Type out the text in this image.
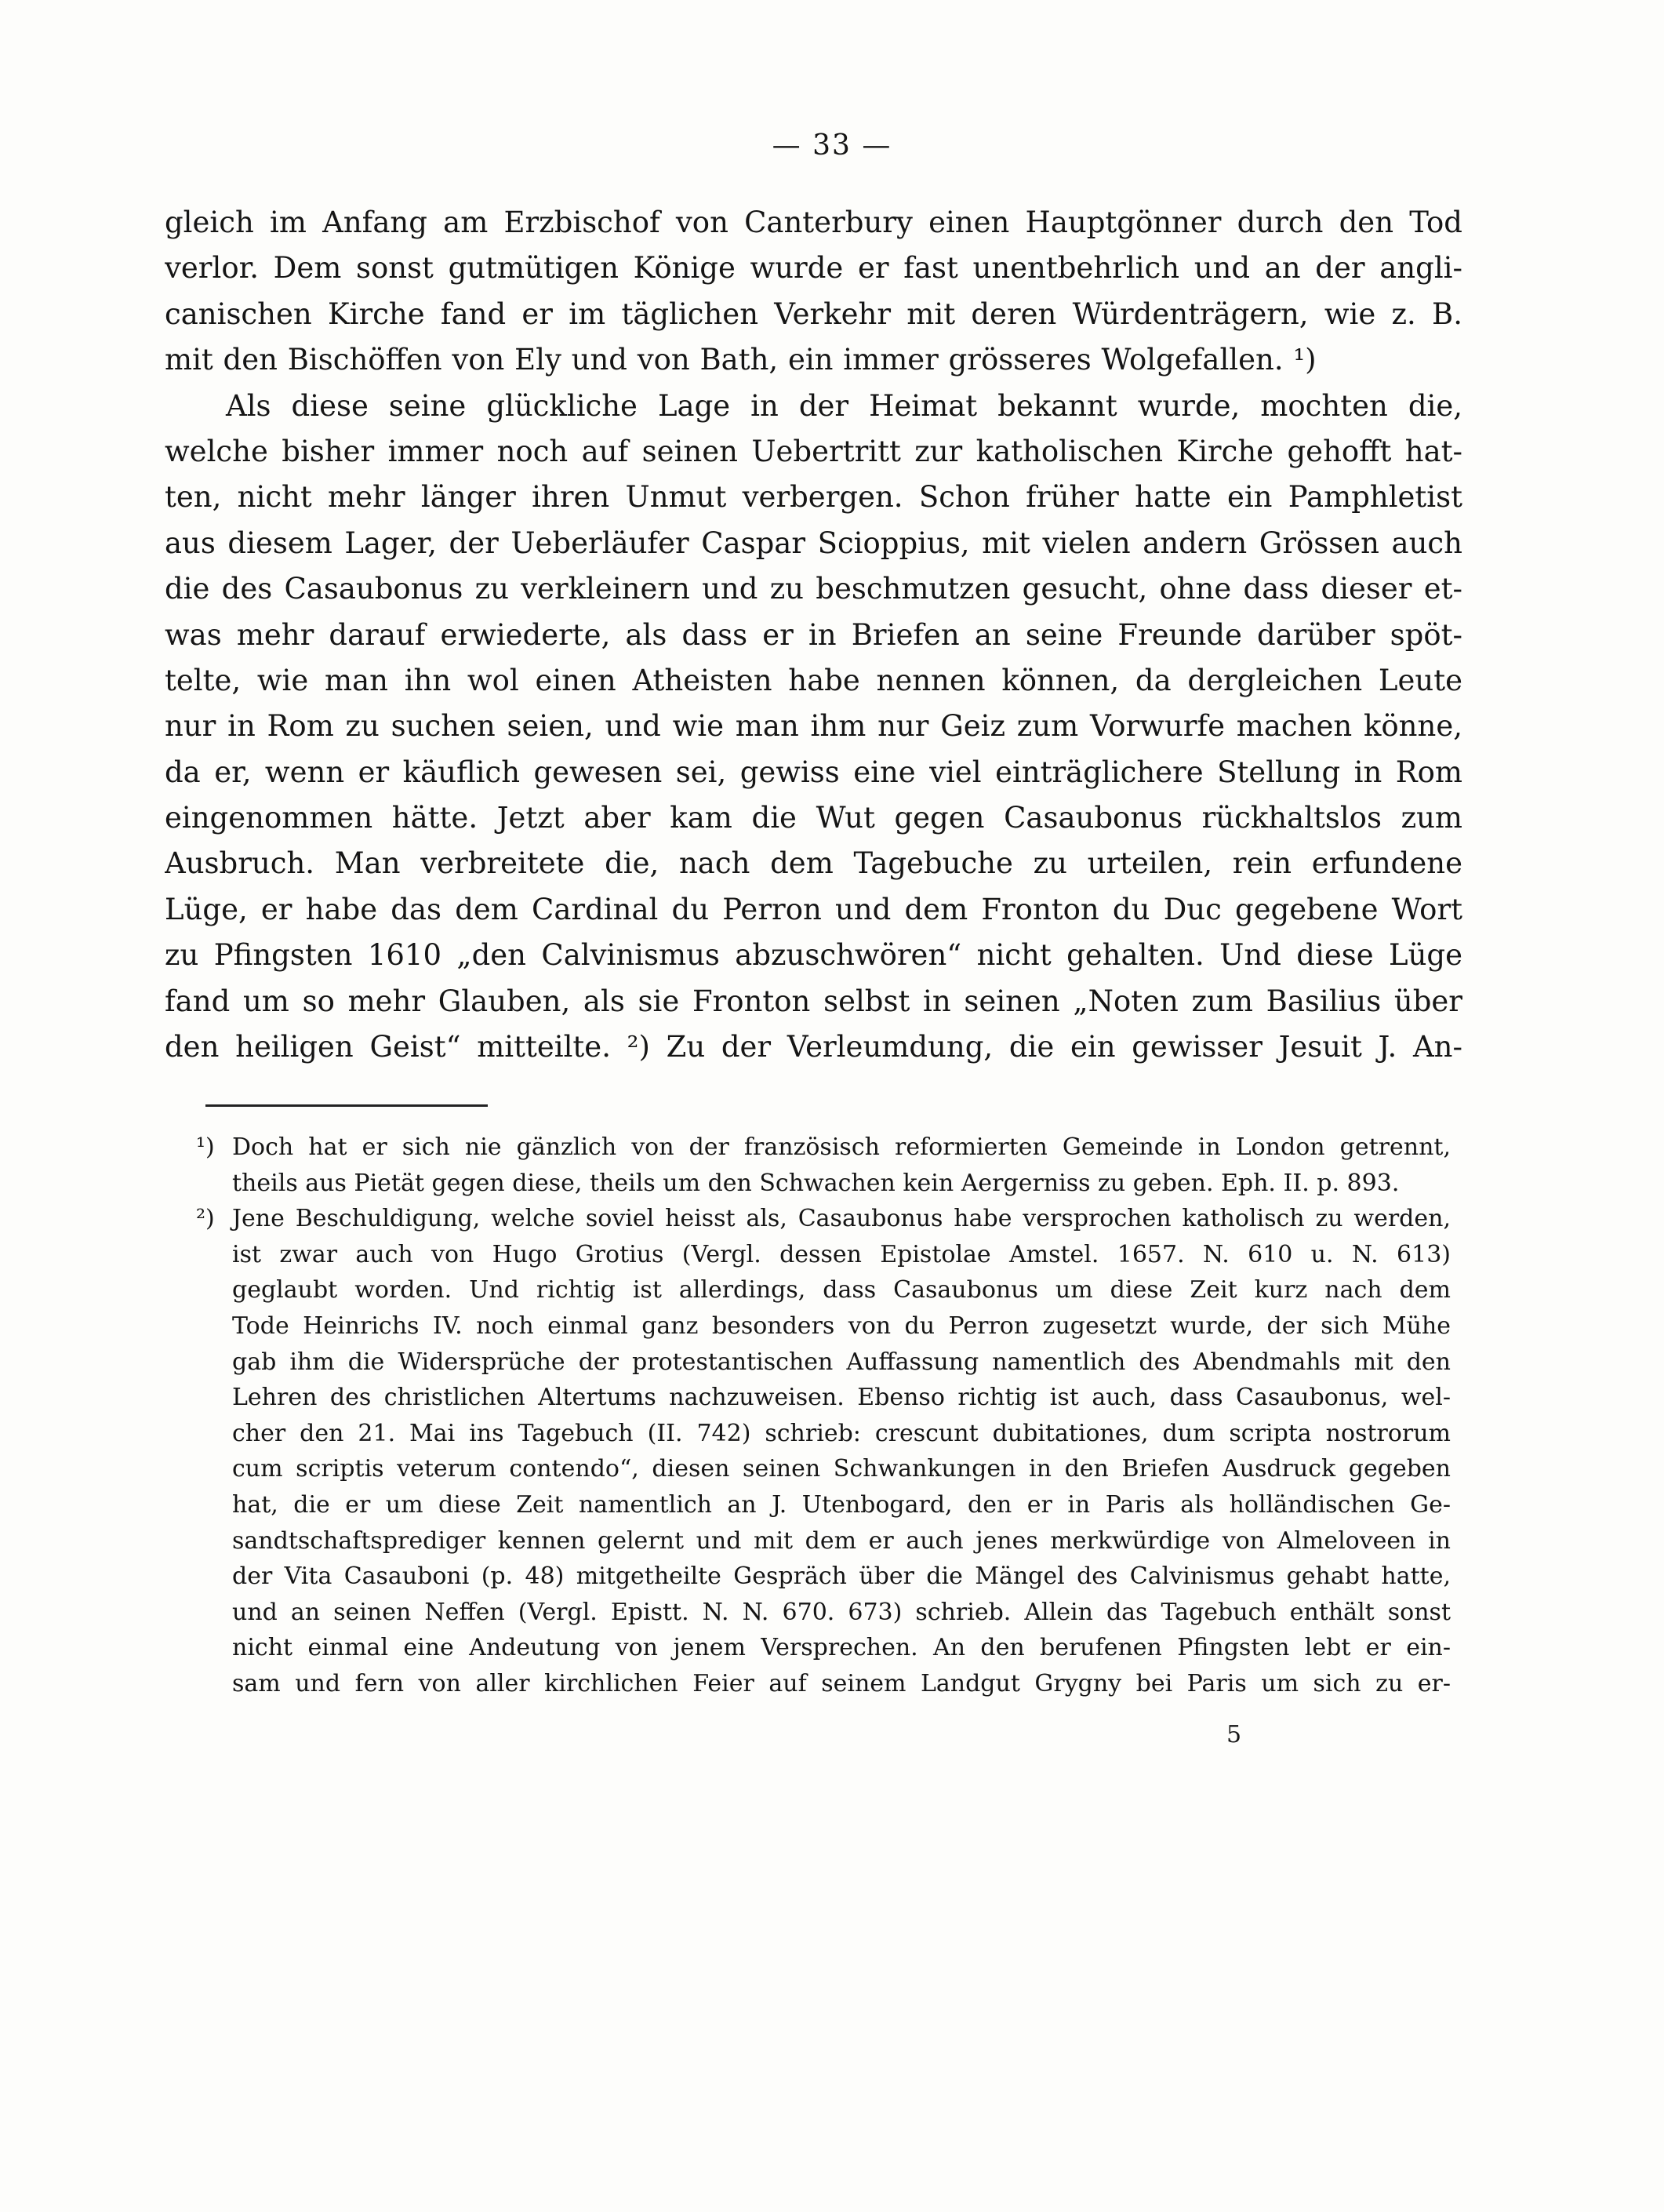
— 33 —
gleich im Anfang am Erzbischof von Canterbury einen Hauptgönner durch den Tod
verlor. Dem sonst gutmütigen Könige wurde er fast unentbehrlich und an der angli-
canischen Kirche fand er im täglichen Verkehr mit deren Würdenträgern, wie z. B.
mit den Bischöffen von Ely und von Bath, ein immer grösseres Wolgefallen. ¹)
Als diese seine glückliche Lage in der Heimat bekannt wurde, mochten die,
welche bisher immer noch auf seinen Uebertritt zur katholischen Kirche gehofft hat-
ten, nicht mehr länger ihren Unmut verbergen. Schon früher hatte ein Pamphletist
aus diesem Lager, der Ueberläufer Caspar Scioppius, mit vielen andern Grössen auch
die des Casaubonus zu verkleinern und zu beschmutzen gesucht, ohne dass dieser et-
was mehr darauf erwiederte, als dass er in Briefen an seine Freunde darüber spöt-
telte, wie man ihn wol einen Atheisten habe nennen können, da dergleichen Leute
nur in Rom zu suchen seien, und wie man ihm nur Geiz zum Vorwurfe machen könne,
da er, wenn er käuflich gewesen sei, gewiss eine viel einträglichere Stellung in Rom
eingenommen hätte. Jetzt aber kam die Wut gegen Casaubonus rückhaltslos zum
Ausbruch. Man verbreitete die, nach dem Tagebuche zu urteilen, rein erfundene
Lüge, er habe das dem Cardinal du Perron und dem Fronton du Duc gegebene Wort
zu Pfingsten 1610 „den Calvinismus abzuschwören“ nicht gehalten. Und diese Lüge
fand um so mehr Glauben, als sie Fronton selbst in seinen „Noten zum Basilius über
den heiligen Geist“ mitteilte. ²) Zu der Verleumdung, die ein gewisser Jesuit J. An-
¹) Doch hat er sich nie gänzlich von der französisch reformierten Gemeinde in London getrennt,
theils aus Pietät gegen diese, theils um den Schwachen kein Aergerniss zu geben. Eph. II. p. 893.
²) Jene Beschuldigung, welche soviel heisst als, Casaubonus habe versprochen katholisch zu werden,
ist zwar auch von Hugo Grotius (Vergl. dessen Epistolae Amstel. 1657. N. 610 u. N. 613)
geglaubt worden. Und richtig ist allerdings, dass Casaubonus um diese Zeit kurz nach dem
Tode Heinrichs IV. noch einmal ganz besonders von du Perron zugesetzt wurde, der sich Mühe
gab ihm die Widersprüche der protestantischen Auffassung namentlich des Abendmahls mit den
Lehren des christlichen Altertums nachzuweisen. Ebenso richtig ist auch, dass Casaubonus, wel-
cher den 21. Mai ins Tagebuch (II. 742) schrieb: crescunt dubitationes, dum scripta nostrorum
cum scriptis veterum contendo“, diesen seinen Schwankungen in den Briefen Ausdruck gegeben
hat, die er um diese Zeit namentlich an J. Utenbogard, den er in Paris als holländischen Ge-
sandtschaftsprediger kennen gelernt und mit dem er auch jenes merkwürdige von Almeloveen in
der Vita Casauboni (p. 48) mitgetheilte Gespräch über die Mängel des Calvinismus gehabt hatte,
und an seinen Neffen (Vergl. Epistt. N. N. 670. 673) schrieb. Allein das Tagebuch enthält sonst
nicht einmal eine Andeutung von jenem Versprechen. An den berufenen Pfingsten lebt er ein-
sam und fern von aller kirchlichen Feier auf seinem Landgut Grygny bei Paris um sich zu er-
5
